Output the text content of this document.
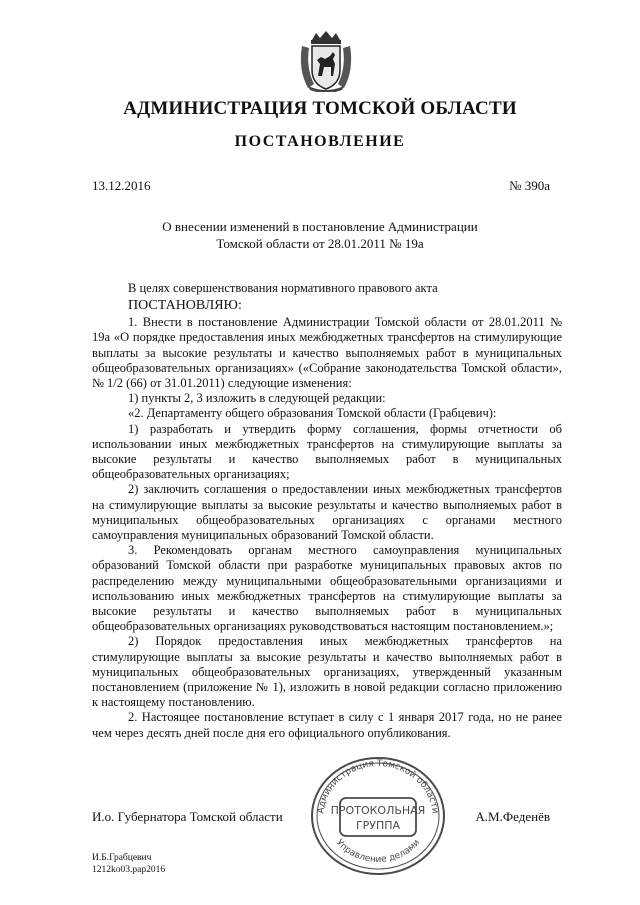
АДМИНИСТРАЦИЯ ТОМСКОЙ ОБЛАСТИ
ПОСТАНОВЛЕНИЕ
13.12.2016	№ 390а
О внесении изменений в постановление Администрации
Томской области от 28.01.2011 № 19а

В целях совершенствования нормативного правового акта

ПОСТАНОВЛЯЮ:

1. Внести в постановление Администрации Томской области от 28.01.2011 № 19а «О порядке предоставления иных межбюджетных трансфертов на стимулирующие выплаты за высокие результаты и качество выполняемых работ в муниципальных общеобразовательных организациях» («Собрание законодательства Томской области», № 1/2 (66) от 31.01.2011) следующие изменения:

1) пункты 2, 3 изложить в следующей редакции:

«2. Департаменту общего образования Томской области (Грабцевич):

1) разработать и утвердить форму соглашения, формы отчетности об использовании иных межбюджетных трансфертов на стимулирующие выплаты за высокие результаты и качество выполняемых работ в муниципальных общеобразовательных организациях;

2) заключить соглашения о предоставлении иных межбюджетных трансфертов на стимулирующие выплаты за высокие результаты и качество выполняемых работ в муниципальных общеобразовательных организациях с органами местного самоуправления муниципальных образований Томской области.

3. Рекомендовать органам местного самоуправления муниципальных образований Томской области при разработке муниципальных правовых актов по распределению между муниципальными общеобразовательными организациями и использованию иных межбюджетных трансфертов на стимулирующие выплаты за высокие результаты и качество выполняемых работ в муниципальных общеобразовательных организациях руководствоваться настоящим постановлением.»;

2) Порядок предоставления иных межбюджетных трансфертов на стимулирующие выплаты за высокие результаты и качество выполняемых работ в муниципальных общеобразовательных организациях, утвержденный указанным постановлением (приложение № 1), изложить в новой редакции согласно приложению к настоящему постановлению.

2. Настоящее постановление вступает в силу с 1 января 2017 года, но не ранее чем через десять дней после дня его официального опубликования.

Администрация Томской области
Управление делами
ПРОТОКОЛЬНАЯ
ГРУППА
И.о. Губернатора Томской области	А.М.Феденёв
И.Б.Грабцевич
1212ko03.pap2016
